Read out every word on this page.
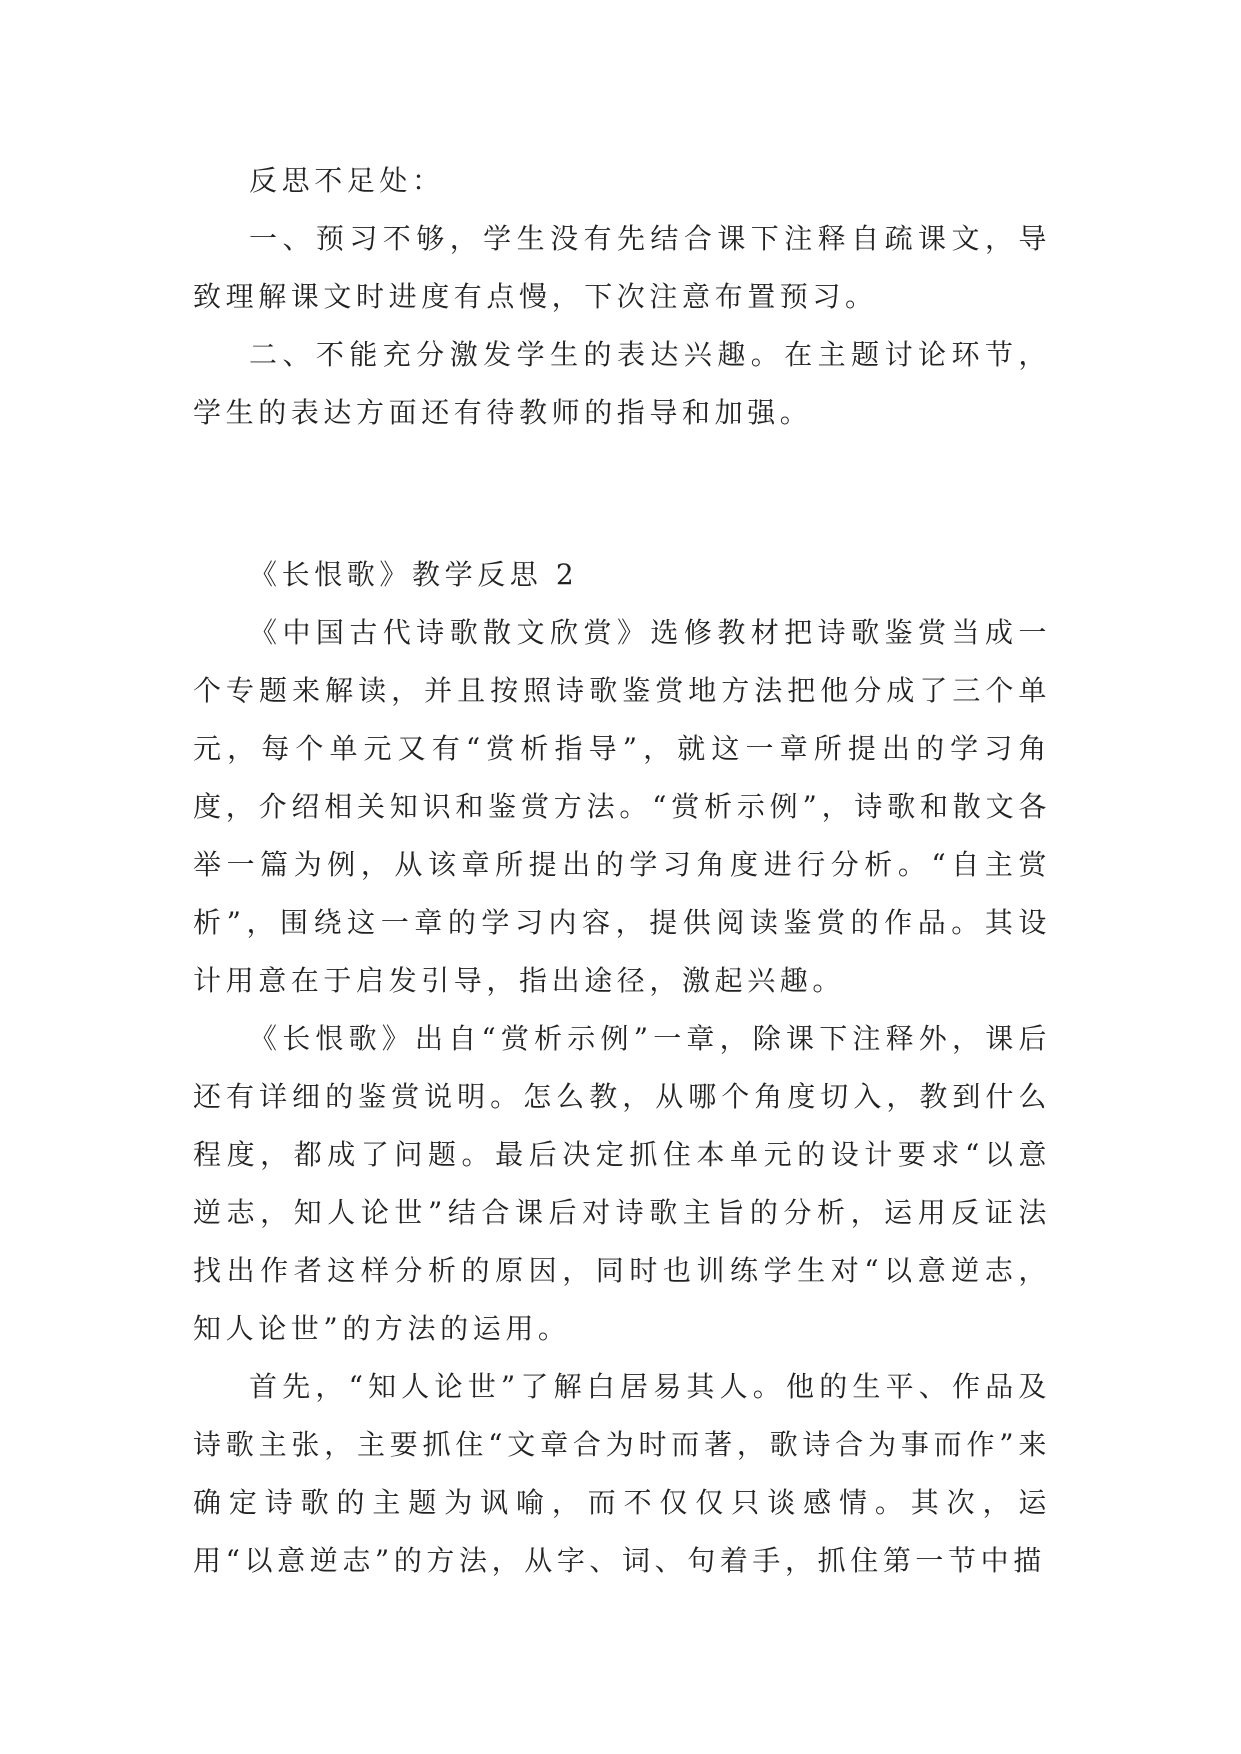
反思不足处：

一、预习不够，学生没有先结合课下注释自疏课文，导致理解课文时进度有点慢，下次注意布置预习。

二、不能充分激发学生的表达兴趣。在主题讨论环节，学生的表达方面还有待教师的指导和加强。

《长恨歌》教学反思 2

《中国古代诗歌散文欣赏》选修教材把诗歌鉴赏当成一个专题来解读，并且按照诗歌鉴赏地方法把他分成了三个单元，每个单元又有“赏析指导”，就这一章所提出的学习角度，介绍相关知识和鉴赏方法。“赏析示例”，诗歌和散文各举一篇为例，从该章所提出的学习角度进行分析。“自主赏析”，围绕这一章的学习内容，提供阅读鉴赏的作品。其设计用意在于启发引导，指出途径，激起兴趣。

《长恨歌》出自“赏析示例”一章，除课下注释外，课后还有详细的鉴赏说明。怎么教，从哪个角度切入，教到什么程度，都成了问题。最后决定抓住本单元的设计要求“以意逆志，知人论世”结合课后对诗歌主旨的分析，运用反证法找出作者这样分析的原因，同时也训练学生对“以意逆志，知人论世”的方法的运用。

首先，“知人论世”了解白居易其人。他的生平、作品及诗歌主张，主要抓住“文章合为时而著，歌诗合为事而作”来确定诗歌的主题为讽喻，而不仅仅只谈感情。其次，运用“以意逆志”的方法，从字、词、句着手，抓住第一节中描
